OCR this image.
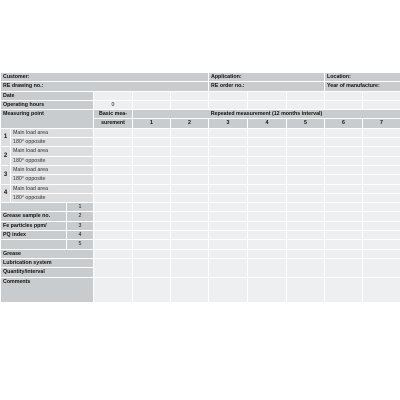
Customer:						Application:			Location:	
RE drawing no.:						RE order no.:			Year of manufacture:	
Date										
Operating hours			0							
Measuring point			Basic mea-	Repeated measurement (12 months interval)						
			surement	1	2	3	4	5	6	7
1	Main load area									
	180° opposite									
2	Main load area									
	180° opposite									
3	Main load area									
	180° opposite									
4	Main load area									
	180° opposite									
		1								
Grease sample no.		2								
Fe particles ppm/		3								
PQ index		4								
		5								
Grease										
Lubrication system										
Quantity/interval										
Comments										
